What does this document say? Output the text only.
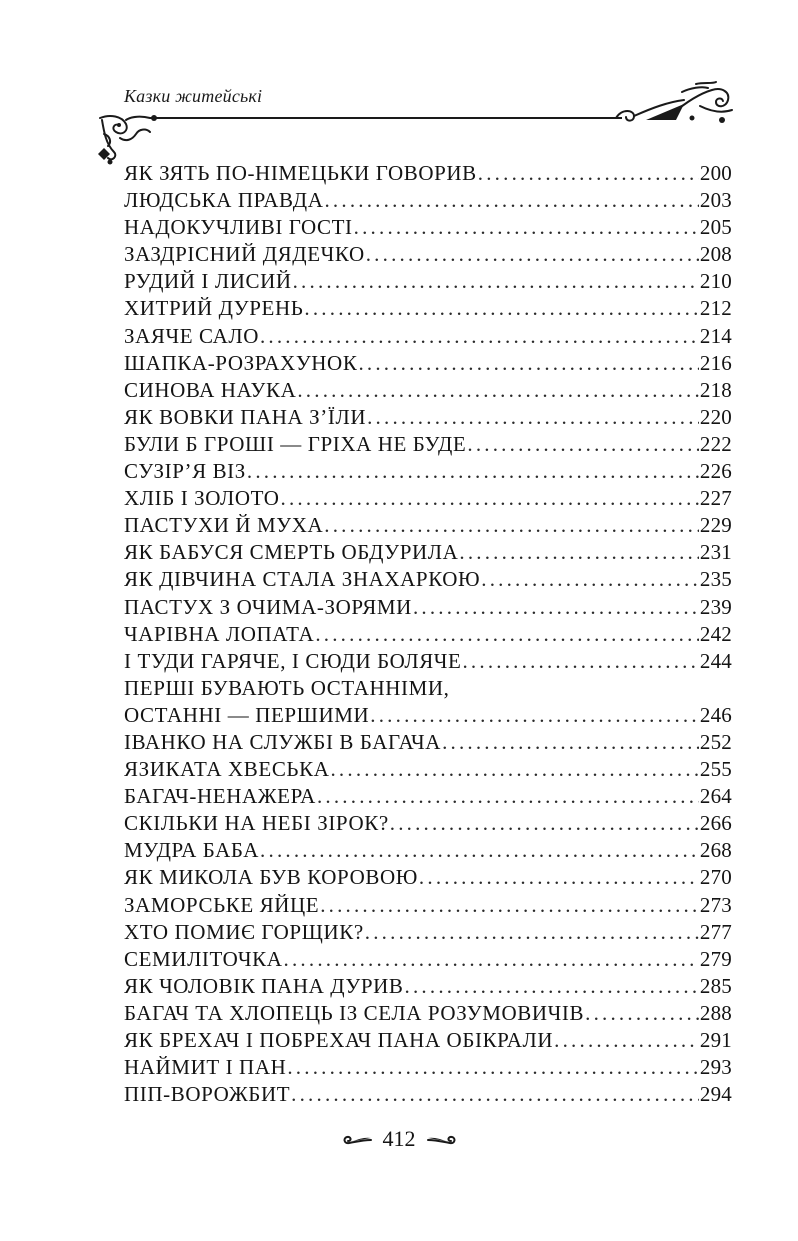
Казки житейські
ЯК ЗЯТЬ ПО-НІМЕЦЬКИ ГОВОРИВ .....	200
ЛЮДСЬКА ПРАВДА .....	203
НАДОКУЧЛИВІ ГОСТІ .....	205
ЗАЗДРІСНИЙ ДЯДЕЧКО .....	208
РУДИЙ І ЛИСИЙ .....	210
ХИТРИЙ ДУРЕНЬ .....	212
ЗАЯЧЕ САЛО .....	214
ШАПКА-РОЗРАХУНОК .....	216
СИНОВА НАУКА .....	218
ЯК ВОВКИ ПАНА З’ЇЛИ .....	220
БУЛИ Б ГРОШІ — ГРІХА НЕ БУДЕ .....	222
СУЗІР’Я ВІЗ .....	226
ХЛІБ І ЗОЛОТО .....	227
ПАСТУХИ Й МУХА .....	229
ЯК БАБУСЯ СМЕРТЬ ОБДУРИЛА .....	231
ЯК ДІВЧИНА СТАЛА ЗНАХАРКОЮ .....	235
ПАСТУХ З ОЧИМА-ЗОРЯМИ .....	239
ЧАРІВНА ЛОПАТА .....	242
І ТУДИ ГАРЯЧЕ, І СЮДИ БОЛЯЧЕ .....	244
ПЕРШІ БУВАЮТЬ ОСТАННІМИ,
ОСТАННІ — ПЕРШИМИ .....	246
ІВАНКО НА СЛУЖБІ В БАГАЧА .....	252
ЯЗИКАТА ХВЕСЬКА .....	255
БАГАЧ-НЕНАЖЕРА .....	264
СКІЛЬКИ НА НЕБІ ЗІРОК? .....	266
МУДРА БАБА .....	268
ЯК МИКОЛА БУВ КОРОВОЮ .....	270
ЗАМОРСЬКЕ ЯЙЦЕ .....	273
ХТО ПОМИЄ ГОРЩИК? .....	277
СЕМИЛІТОЧКА .....	279
ЯК ЧОЛОВІК ПАНА ДУРИВ .....	285
БАГАЧ ТА ХЛОПЕЦЬ ІЗ СЕЛА РОЗУМОВИЧІВ .....	288
ЯК БРЕХАЧ І ПОБРЕХАЧ ПАНА ОБІКРАЛИ .....	291
НАЙМИТ І ПАН .....	293
ПІП-ВОРОЖБИТ .....	294
412
